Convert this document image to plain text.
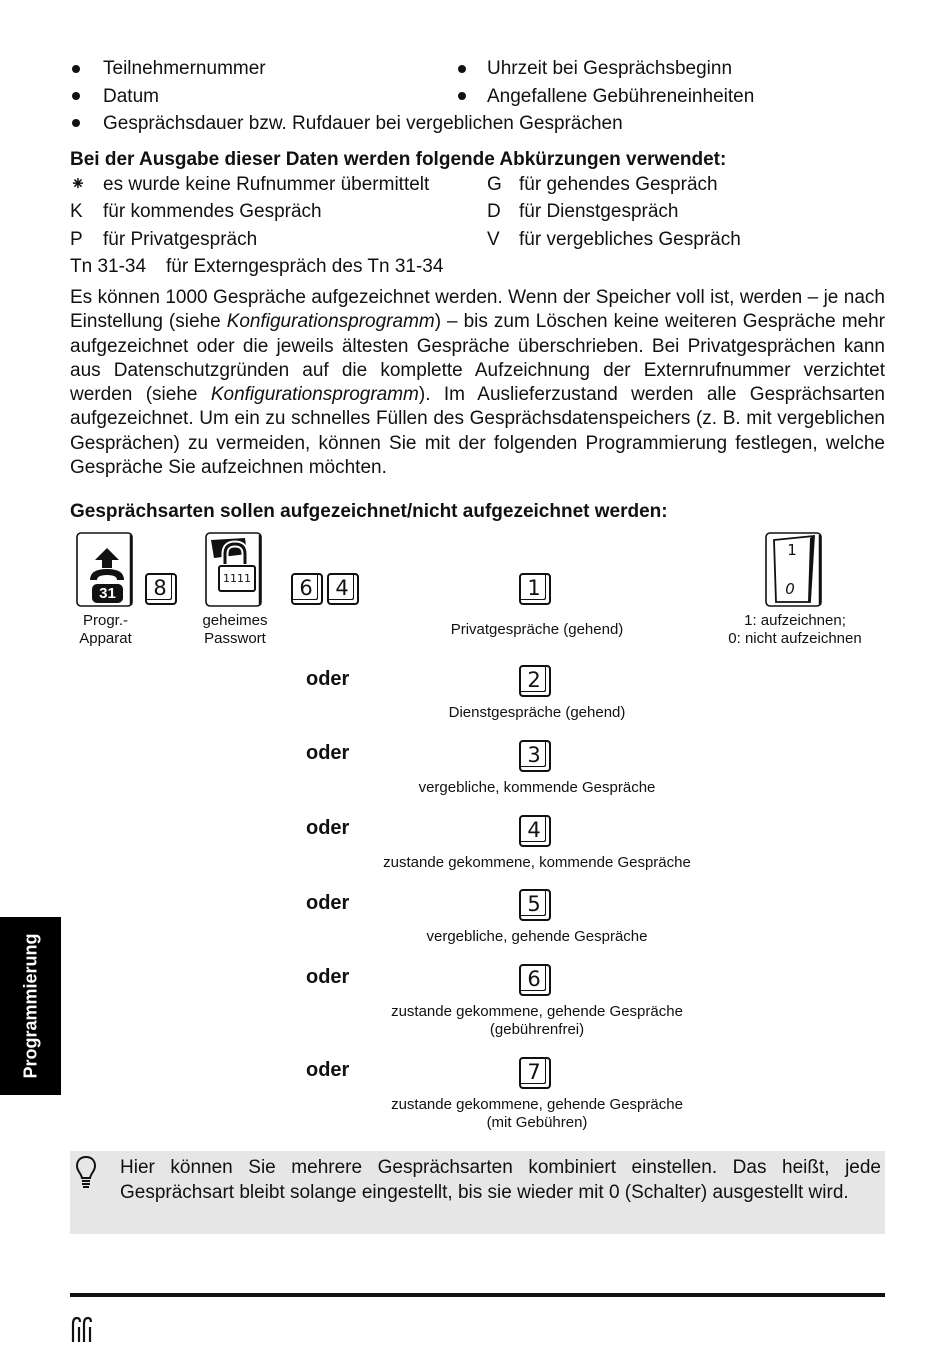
Teilnehmernummer	Uhrzeit bei Gesprächsbeginn
Datum	Angefallene Gebühreneinheiten
Gesprächsdauer bzw. Rufdauer bei vergeblichen Gesprächen
Bei der Ausgabe dieser Daten werden folgende Abkürzungen verwendet:
⁕ es wurde keine Rufnummer übermittelt	G für gehendes Gespräch
K für kommendes Gespräch	D für Dienstgespräch
P für Privatgespräch	V für vergebliches Gespräch
Tn 31-34 für Externgespräch des Tn 31-34
Es können 1000 Gespräche aufgezeichnet werden. Wenn der Speicher voll ist, werden – je nach Einstellung (siehe Konfigurationsprogramm) – bis zum Löschen keine weiteren Gespräche mehr aufgezeichnet oder die jeweils ältesten Gespräche überschrieben. Bei Privatgesprächen kann aus Datenschutzgründen auf die komplette Aufzeichnung der Externrufnummer verzichtet werden (siehe Konfigurationsprogramm). Im Auslieferzustand werden alle Gesprächsarten aufgezeichnet. Um ein zu schnelles Füllen des Gesprächsdatenspeichers (z. B. mit vergeblichen Gesprächen) zu vermeiden, können Sie mit der folgenden Programmierung festlegen, welche Gespräche Sie aufzeichnen möchten.
Gesprächsarten sollen aufgezeichnet/nicht aufgezeichnet werden:
31
Progr.-
Apparat
8	1111
geheimes
Passwort
6 4
1
0
1: aufzeichnen;
0: nicht aufzeichnen
1
Privatgespräche (gehend)
oder	2
Dienstgespräche (gehend)
oder	3
vergebliche, kommende Gespräche
oder	4
zustande gekommene, kommende Gespräche
oder	5
vergebliche, gehende Gespräche
oder	6
zustande gekommene, gehende Gespräche
(gebührenfrei)
oder	7
zustande gekommene, gehende Gespräche
(mit Gebühren)
Programmierung

Hier können Sie mehrere Gesprächsarten kombiniert einstellen. Das heißt, jede Gesprächsart bleibt solange eingestellt, bis sie wieder mit 0 (Schalter) ausgestellt wird.
